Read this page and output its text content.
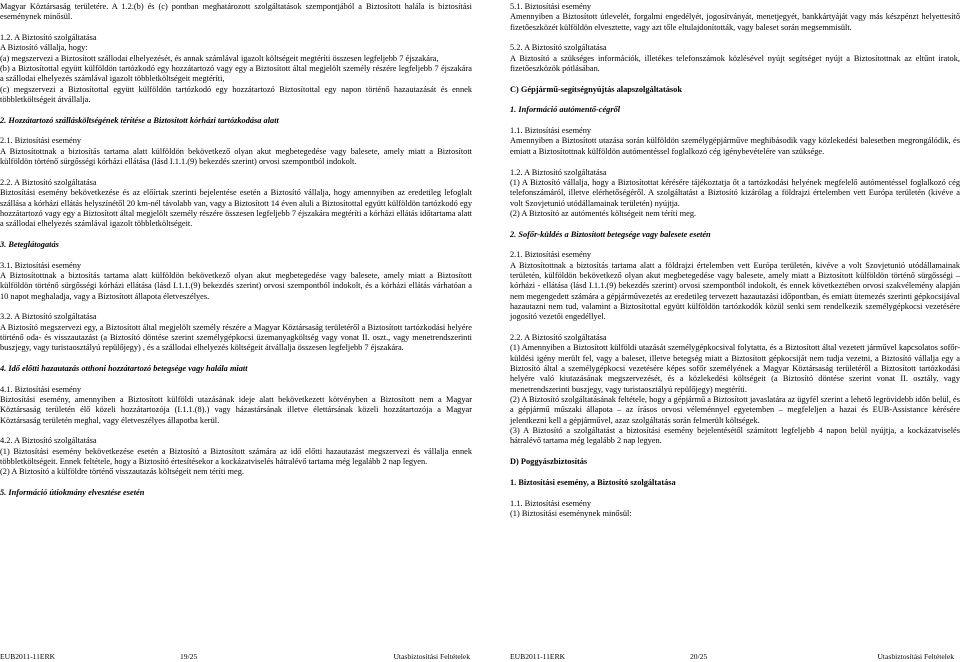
Magyar Köztársaság területére. A 1.2.(b) és (c) pontban meghatározott szolgáltatások szempontjából a Biztosított halála is biztosítási eseménynek minősül.

1.2. A Biztosító szolgáltatása

A Biztosító vállalja, hogy:

(a) megszervezi a Biztosított szállodai elhelyezését, és annak számlával igazolt költségeit megtéríti összesen legfeljebb 7 éjszakára,

(b) a Biztosítottal együtt külföldön tartózkodó egy hozzátartozó vagy egy a Biztosított által megjelölt személy részére legfeljebb 7 éjszakára a szállodai elhelyezés számlával igazolt többletköltségeit megtéríti,

(c) megszervezi a Biztosítottal együtt külföldön tartózkodó egy hozzátartozó Biztosítottal egy napon történő hazautazását és ennek többletköltségeit átvállalja.

2. Hozzátartozó szállásköltségének térítése a Biztosított kórházi tartózkodása alatt

2.1. Biztosítási esemény

A Biztosítottnak a biztosítás tartama alatt külföldön bekövetkező olyan akut megbetegedése vagy balesete, amely miatt a Biztosított külföldön történő sürgősségi kórházi ellátása (lásd I.1.1.(9) bekezdés szerint) orvosi szempontból indokolt.

2.2. A Biztosító szolgáltatása

Biztosítási esemény bekövetkezése és az előírtak szerinti bejelentése esetén a Biztosító vállalja, hogy amennyiben az eredetileg lefoglalt szállása a kórházi ellátás helyszínétől 20 km-nél távolabb van, vagy a Biztosított 14 éven aluli a Biztosítottal együtt külföldön tartózkodó egy hozzátartozó vagy egy a Biztosított által megjelölt személy részére összesen legfeljebb 7 éjszakára megtéríti a kórházi ellátás időtartama alatt a szállodai elhelyezés számlával igazolt többletköltségeit.

3. Beteglátogatás

3.1. Biztosítási esemény

A Biztosítottnak a biztosítás tartama alatt külföldön bekövetkező olyan akut megbetegedése vagy balesete, amely miatt a Biztosított külföldön történő sürgősségi kórházi ellátása (lásd I.1.1.(9) bekezdés szerint) orvosi szempontból indokolt, és a kórházi ellátás várhatóan a 10 napot meghaladja, vagy a Biztosított állapota életveszélyes.

3.2. A Biztosító szolgáltatása

A Biztosító megszervezi egy, a Biztosított által megjelölt személy részére a Magyar Köztársaság területéről a Biztosított tartózkodási helyére történő oda- és visszautazást (a Biztosító döntése szerint személygépkocsi üzemanyagköltség vagy vonat II. oszt., vagy menetrendszerinti buszjegy, vagy turistaosztályú repülőjegy) , és a szállodai elhelyezés költségeit átvállalja összesen legfeljebb 7 éjszakára.

4. Idő előtti hazautazás otthoni hozzátartozó betegsége vagy halála miatt

4.1. Biztosítási esemény

Biztosítási esemény, amennyiben a Biztosított külföldi utazásának ideje alatt bekövetkezett kötvényben a Biztosított nem a Magyar Köztársaság területén élő közeli hozzátartozója (I.1.1.(8).) vagy házastársának illetve élettársának közeli hozzátartozója a Magyar Köztársaság területén meghal, vagy életveszélyes állapotba kerül.

4.2. A Biztosító szolgáltatása

(1) Biztosítási esemény bekövetkezése esetén a Biztosító a Biztosított számára az idő előtti hazautazást megszervezi és vállalja ennek többletköltségeit. Ennek feltétele, hogy a Biztosító értesítésekor a kockázatviselés hátralévő tartama még legalább 2 nap legyen.

(2) A Biztosító a külföldre történő visszautazás költségeit nem téríti meg.

5. Információ útiokmány elvesztése esetén

EUB2011-11ERK	19/25	Utasbiztosítási Feltételek

5.1. Biztosítási esemény

Amennyiben a Biztosított útlevelét, forgalmi engedélyét, jogosítványát, menetjegyét, bankkártyáját vagy más készpénzt helyettesítő fizetőeszközét külföldön elvesztette, vagy azt tőle eltulajdonították, vagy baleset során megsemmisült.

5.2. A Biztosító szolgáltatása

A Biztosító a szükséges információk, illetékes telefonszámok közlésével nyújt segítséget nyújt a Biztosítottnak az eltűnt iratok, fizetőeszközök pótlásában.

C) Gépjármű-segítségnyújtás alapszolgáltatások

1. Információ autómentő-cégről

1.1. Biztosítási esemény

Amennyiben a Biztosított utazása során külföldön személygépjárműve meghibásodik vagy közlekedési balesetben megrongálódik, és emiatt a Biztosítottnak külföldön autómentéssel foglalkozó cég igénybevételére van szüksége.

1.2. A Biztosító szolgáltatása

(1) A Biztosító vállalja, hogy a Biztosítottat kérésére tájékoztatja őt a tartózkodási helyének megfelelő autómentéssel foglalkozó cég telefonszámáról, illetve elérhetőségéről. A szolgáltatást a Biztosító kizárólag a földrajzi értelemben vett Európa területén (kivéve a volt Szovjetunió utódállamainak területén) nyújtja.

(2) A Biztosító az autómentés költségeit nem téríti meg.

2. Sofőr-küldés a Biztosított betegsége vagy balesete esetén

2.1. Biztosítási esemény

A Biztosítottnak a biztosítás tartama alatt a földrajzi értelemben vett Európa területén, kivéve a volt Szovjetunió utódállamainak területén, külföldön bekövetkező olyan akut megbetegedése vagy balesete, amely miatt a Biztosított külföldön történő sürgősségi –kórházi - ellátása (lásd I.1.1.(9) bekezdés szerint) orvosi szempontból indokolt, és ennek következtében orvosi szakvélemény alapján nem megengedett számára a gépjárművezetés az eredetileg tervezett hazautazási időpontban, és emiatt ütemezés szerinti gépkocsijával hazautazni nem tud, valamint a Biztosítottal együtt külföldön tartózkodók közül senki sem rendelkezik személygépkocsi vezetésére jogosító vezetői engedéllyel.

2.2. A Biztosító szolgáltatása

(1) Amennyiben a Biztosított külföldi utazását személygépkocsival folytatta, és a Biztosított által vezetett járművel kapcsolatos sofőr-küldési igény merült fel, vagy a baleset, illetve betegség miatt a Biztosított gépkocsiját nem tudja vezetni, a Biztosító vállalja egy a Biztosító által a személygépkocsi vezetésére képes sofőr személyének a Magyar Köztársaság területéről a Biztosított tartózkodási helyére való kiutazásának megszervezését, és a közlekedési költségeit (a Biztosító döntése szerint vonat II. osztály, vagy menetrendszerinti buszjegy, vagy turistaosztályú repülőjegy) megtéríti.

(2) A Biztosító szolgáltatásának feltétele, hogy a gépjármű a Biztosított javaslatára az ügyfél szerint a lehető legrövidebb időn belül, és a gépjármű műszaki állapota – az írásos orvosi véleménnyel egyetemben – megfeleljen a hazai és EUB-Assistance kérésére jelentkezni kell a gépjárművel, azaz szolgáltatás során felmerült költségek.

(3) A Biztosító a szolgáltatást a biztosítási esemény bejelentésétől számított legfeljebb 4 napon belül nyújtja, a kockázatviselés hátralévő tartama még legalább 2 nap legyen.

D) Poggyászbiztosítás

1. Biztosítási esemény, a Biztosító szolgáltatása

1.1. Biztosítási esemény

(1) Biztosítási eseménynek minősül:

EUB2011-11ERK	20/25	Utasbiztosítási Feltételek
